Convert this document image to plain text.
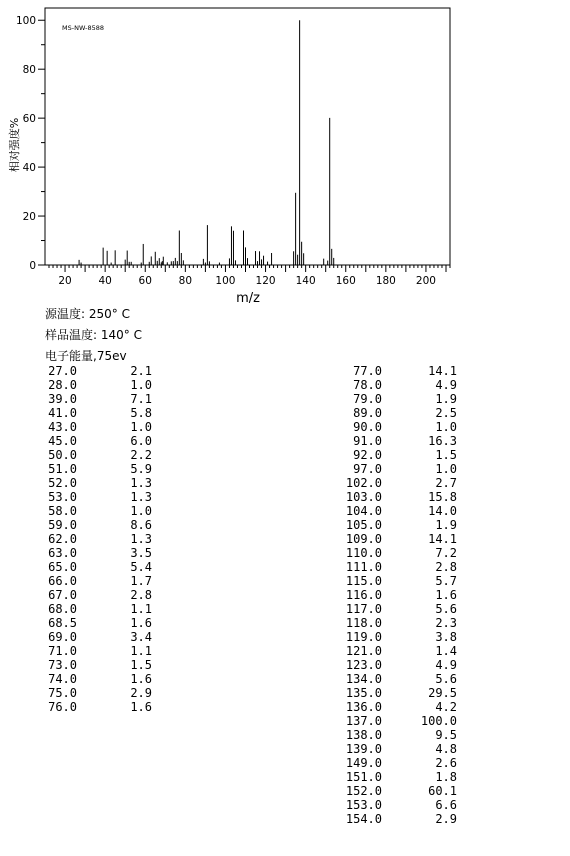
0
20
40
60
80
100
20	40	60	80 100 120 140 160 180 200
MS-NW-8588
m/z
相对强度%
源温度: 250° C
样品温度: 140° C
电子能量,75ev
27.0	2.1
28.0	1.0
39.0	7.1
41.0	5.8
43.0	1.0
45.0	6.0
50.0	2.2
51.0	5.9
52.0	1.3
53.0	1.3
58.0	1.0
59.0	8.6
62.0	1.3
63.0	3.5
65.0	5.4
66.0	1.7
67.0	2.8
68.0	1.1
68.5	1.6
69.0	3.4
71.0	1.1
73.0	1.5
74.0	1.6
75.0	2.9
76.0	1.6
77.0	14.1
78.0	4.9
79.0	1.9
89.0	2.5
90.0	1.0
91.0	16.3
92.0	1.5
97.0	1.0
102.0	2.7
103.0	15.8
104.0	14.0
105.0	1.9
109.0	14.1
110.0	7.2
111.0	2.8
115.0	5.7
116.0	1.6
117.0	5.6
118.0	2.3
119.0	3.8
121.0	1.4
123.0	4.9
134.0	5.6
135.0	29.5
136.0	4.2
137.0	100.0
138.0	9.5
139.0	4.8
149.0	2.6
151.0	1.8
152.0	60.1
153.0	6.6
154.0	2.9
